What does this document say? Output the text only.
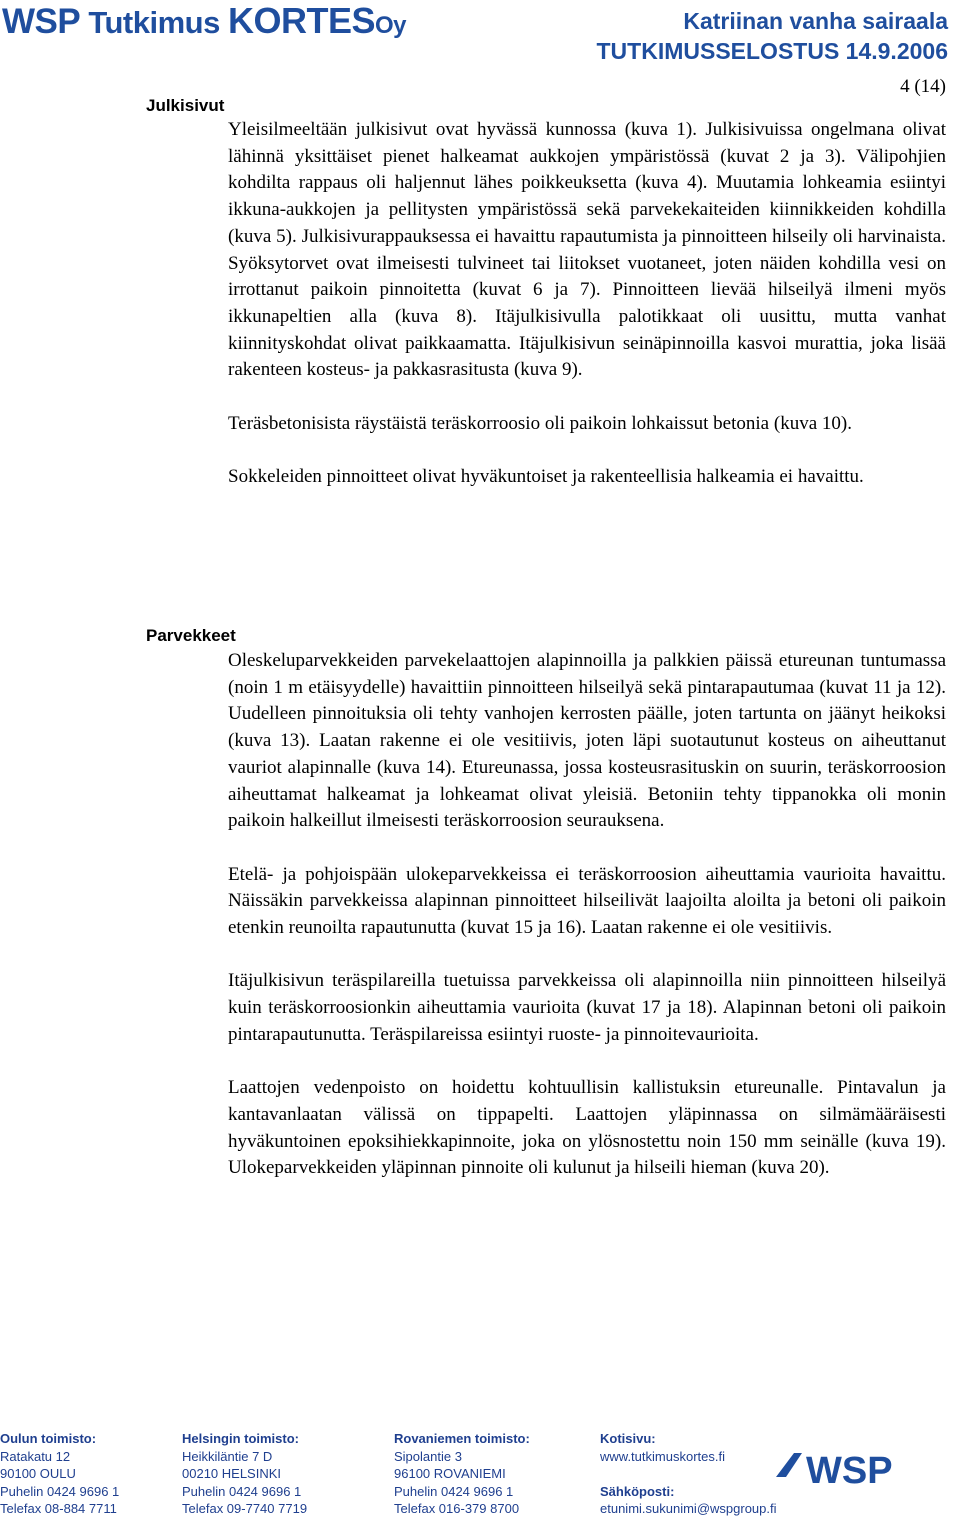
WSP Tutkimus KORTESOy	Katriinan vanha sairaala
TUTKIMUSSELOSTUS 14.9.2006
4 (14)
Julkisivut

Yleisilmeeltään julkisivut ovat hyvässä kunnossa (kuva 1). Julkisivuissa ongelmana olivat lähinnä yksittäiset pienet halkeamat aukkojen ympäristössä (kuvat 2 ja 3). Välipohjien kohdilta rappaus oli haljennut lähes poikkeuksetta (kuva 4). Muutamia lohkeamia esiintyi ikkuna-aukkojen ja pellitysten ympäristössä sekä parvekekaiteiden kiinnikkeiden kohdilla (kuva 5). Julkisivurappauksessa ei havaittu rapautumista ja pinnoitteen hilseily oli harvinaista. Syöksytorvet ovat ilmeisesti tulvineet tai liitokset vuotaneet, joten näiden kohdilla vesi on irrottanut paikoin pinnoitetta (kuvat 6 ja 7). Pinnoitteen lievää hilseilyä ilmeni myös ikkunapeltien alla (kuva 8). Itäjulkisivulla palotikkaat oli uusittu, mutta vanhat kiinnityskohdat olivat paikkaamatta. Itäjulkisivun seinäpinnoilla kasvoi murattia, joka lisää rakenteen kosteus- ja pakkasrasitusta (kuva 9).

Teräsbetonisista räystäistä teräskorroosio oli paikoin lohkaissut betonia (kuva 10).

Sokkeleiden pinnoitteet olivat hyväkuntoiset ja rakenteellisia halkeamia ei havaittu.

Parvekkeet

Oleskeluparvekkeiden parvekelaattojen alapinnoilla ja palkkien päissä etureunan tuntumassa (noin 1 m etäisyydelle) havaittiin pinnoitteen hilseilyä sekä pintarapautumaa (kuvat 11 ja 12). Uudelleen pinnoituksia oli tehty vanhojen kerrosten päälle, joten tartunta on jäänyt heikoksi (kuva 13). Laatan rakenne ei ole vesitiivis, joten läpi suotautunut kosteus on aiheuttanut vauriot alapinnalle (kuva 14). Etureunassa, jossa kosteusrasituskin on suurin, teräskorroosion aiheuttamat halkeamat ja lohkeamat olivat yleisiä. Betoniin tehty tippanokka oli monin paikoin halkeillut ilmeisesti teräskorroosion seurauksena.

Etelä- ja pohjoispään ulokeparvekkeissa ei teräskorroosion aiheuttamia vaurioita havaittu. Näissäkin parvekkeissa alapinnan pinnoitteet hilseilivät laajoilta aloilta ja betoni oli paikoin etenkin reunoilta rapautunutta (kuvat 15 ja 16). Laatan rakenne ei ole vesitiivis.

Itäjulkisivun teräspilareilla tuetuissa parvekkeissa oli alapinnoilla niin pinnoitteen hilseilyä kuin teräskorroosionkin aiheuttamia vaurioita (kuvat 17 ja 18). Alapinnan betoni oli paikoin pintarapautunutta. Teräspilareissa esiintyi ruoste- ja pinnoitevaurioita.

Laattojen vedenpoisto on hoidettu kohtuullisin kallistuksin etureunalle. Pintavalun ja kantavanlaatan välissä on tippapelti. Laattojen yläpinnassa on silmämääräisesti hyväkuntoinen epoksihiekkapinnoite, joka on ylösnostettu noin 150 mm seinälle (kuva 19). Ulokeparvekkeiden yläpinnan pinnoite oli kulunut ja hilseili hieman (kuva 20).

Oulun toimisto:
Ratakatu 12
90100 OULU
Puhelin 0424 9696 1
Telefax 08-884 7711
Helsingin toimisto:
Heikkiläntie 7 D
00210 HELSINKI
Puhelin 0424 9696 1
Telefax 09-7740 7719
Rovaniemen toimisto:
Sipolantie 3
96100 ROVANIEMI
Puhelin 0424 9696 1
Telefax 016-379 8700
Kotisivu:
www.tutkimuskortes.fi

Sähköposti:
etunimi.sukunimi@wspgroup.fi
WSP
